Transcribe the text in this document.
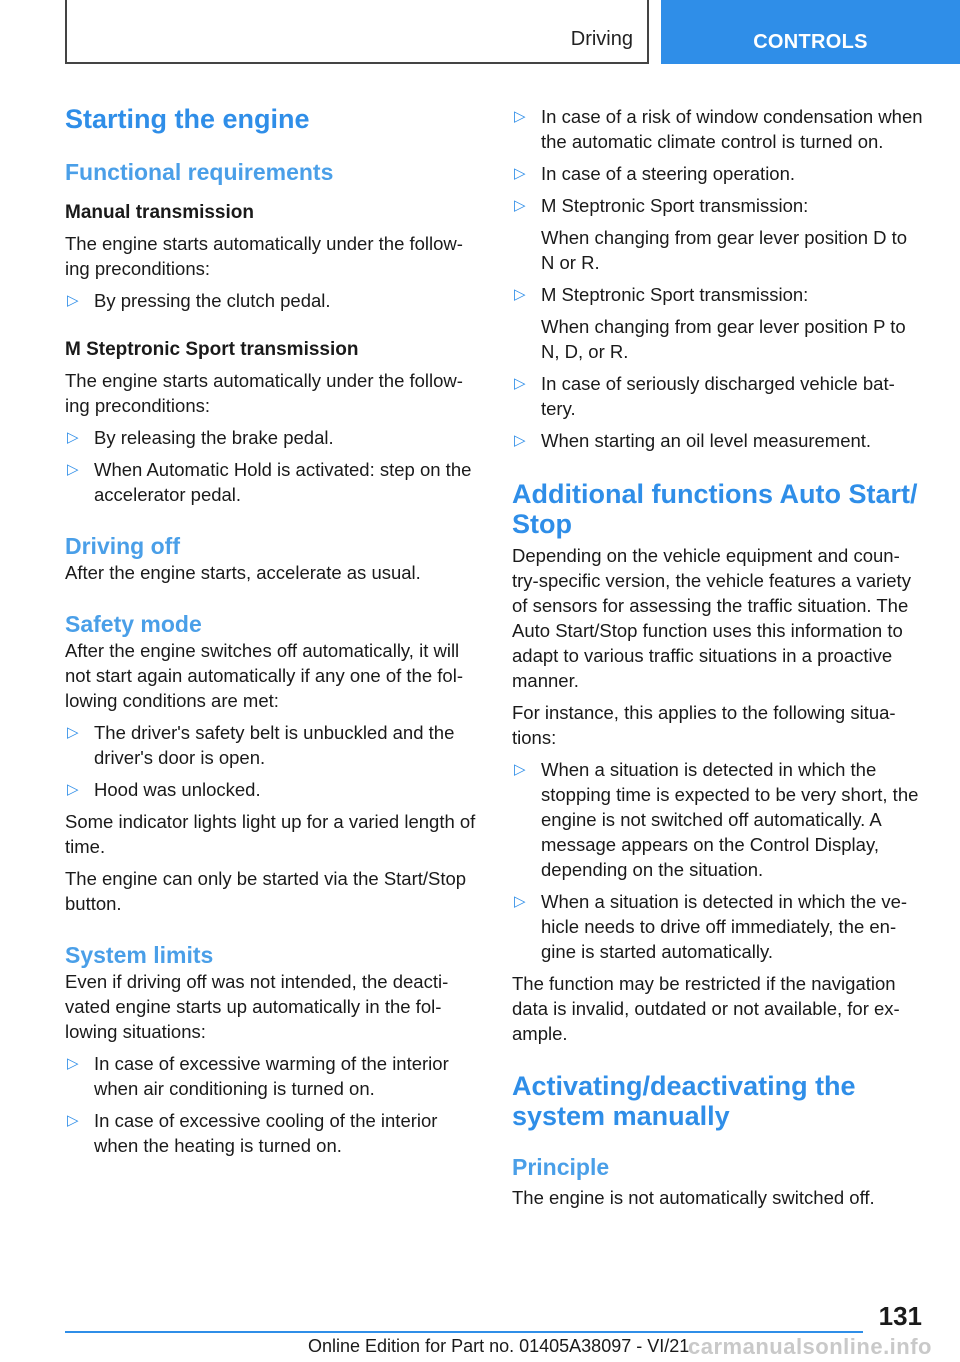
Driving	CONTROLS
Starting the engine
Functional requirements
Manual transmission

The engine starts automatically under the follow-ing preconditions:

▷ By pressing the clutch pedal.
M Steptronic Sport transmission

The engine starts automatically under the follow-ing preconditions:

▷ By releasing the brake pedal.
▷ When Automatic Hold is activated: step on the accelerator pedal.
Driving off

After the engine starts, accelerate as usual.

Safety mode

After the engine switches off automatically, it will not start again automatically if any one of the fol-lowing conditions are met:

▷ The driver's safety belt is unbuckled and the driver's door is open.
▷ Hood was unlocked.

Some indicator lights light up for a varied length of time.

The engine can only be started via the Start/Stop button.

System limits

Even if driving off was not intended, the deacti-vated engine starts up automatically in the fol-lowing situations:

▷ In case of excessive warming of the interior when air conditioning is turned on.
▷ In case of excessive cooling of the interior when the heating is turned on.
▷ In case of a risk of window condensation when the automatic climate control is turned on.
▷ In case of a steering operation.
▷ M Steptronic Sport transmission:
When changing from gear lever position D to N or R.
▷ M Steptronic Sport transmission:
When changing from gear lever position P to N, D, or R.
▷ In case of seriously discharged vehicle bat-tery.
▷ When starting an oil level measurement.
Additional functions Auto Start/ Stop

Depending on the vehicle equipment and coun-try-specific version, the vehicle features a variety of sensors for assessing the traffic situation. The Auto Start/Stop function uses this information to adapt to various traffic situations in a proactive manner.

For instance, this applies to the following situa-tions:

▷ When a situation is detected in which the stopping time is expected to be very short, the engine is not switched off automatically. A message appears on the Control Display, depending on the situation.
▷ When a situation is detected in which the ve-hicle needs to drive off immediately, the en-gine is started automatically.

The function may be restricted if the navigation data is invalid, outdated or not available, for ex-ample.

Activating/deactivating the system manually
Principle

The engine is not automatically switched off.

131
Online Edition for Part no. 01405A38097 - VI/21
carmanualsonline.info
